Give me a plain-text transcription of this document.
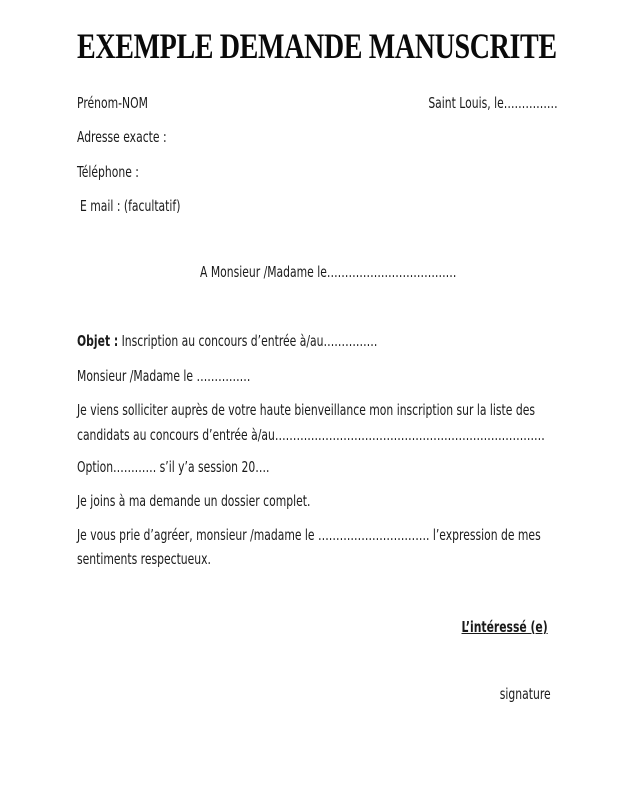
EXEMPLE DEMANDE MANUSCRITE
Prénom-NOM	Saint Louis, le……………
Adresse exacte :
Téléphone :
E mail : (facultatif)
A Monsieur /Madame le………………………………
Objet : Inscription au concours d’entrée à/au……………
Monsieur /Madame le ……………
Je viens solliciter auprès de votre haute bienveillance mon inscription sur la liste des
candidats au concours d’entrée à/au…………………………………………………………………
Option………… s’il y’a session 20….
Je joins à ma demande un dossier complet.
Je vous prie d’agréer, monsieur /madame le …………………………. l’expression de mes
sentiments respectueux.
L’intéressé (e)
signature
